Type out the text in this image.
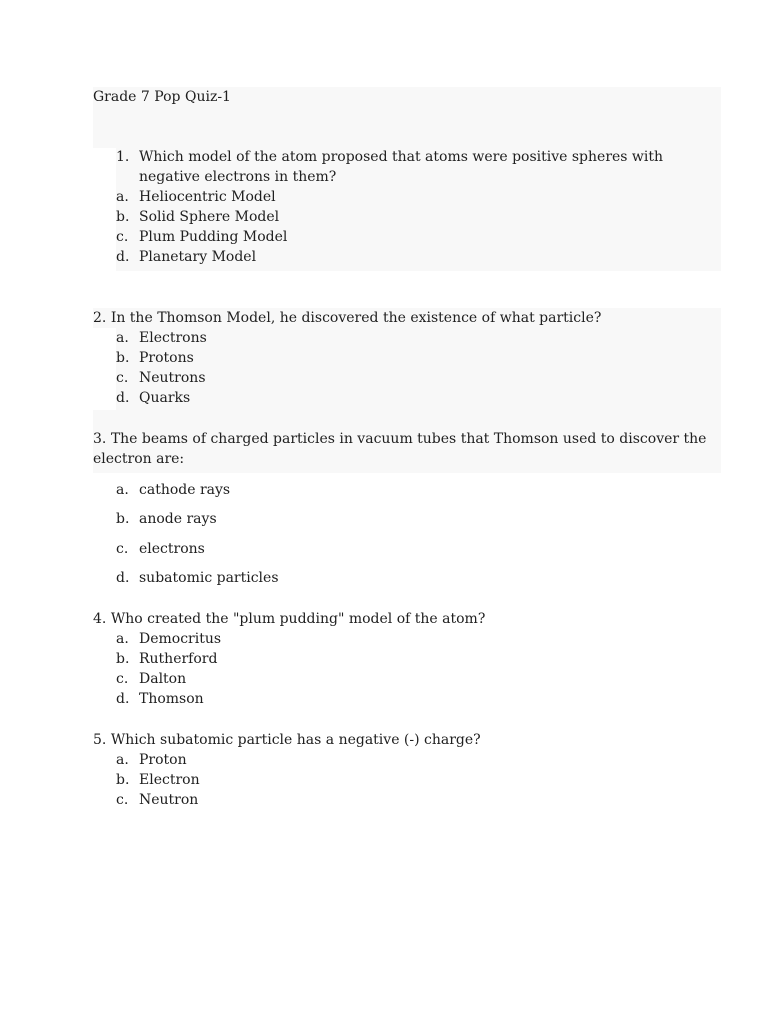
Grade 7 Pop Quiz-1
1. Which model of the atom proposed that atoms were positive spheres with
negative electrons in them?
a. Heliocentric Model
b. Solid Sphere Model
c. Plum Pudding Model
d. Planetary Model
2. In the Thomson Model, he discovered the existence of what particle?
a. Electrons
b. Protons
c. Neutrons
d. Quarks
3. The beams of charged particles in vacuum tubes that Thomson used to discover the
electron are:
a. cathode rays
b. anode rays
c. electrons
d. subatomic particles
4. Who created the "plum pudding" model of the atom?
a. Democritus
b. Rutherford
c. Dalton
d. Thomson
5. Which subatomic particle has a negative (-) charge?
a. Proton
b. Electron
c. Neutron
